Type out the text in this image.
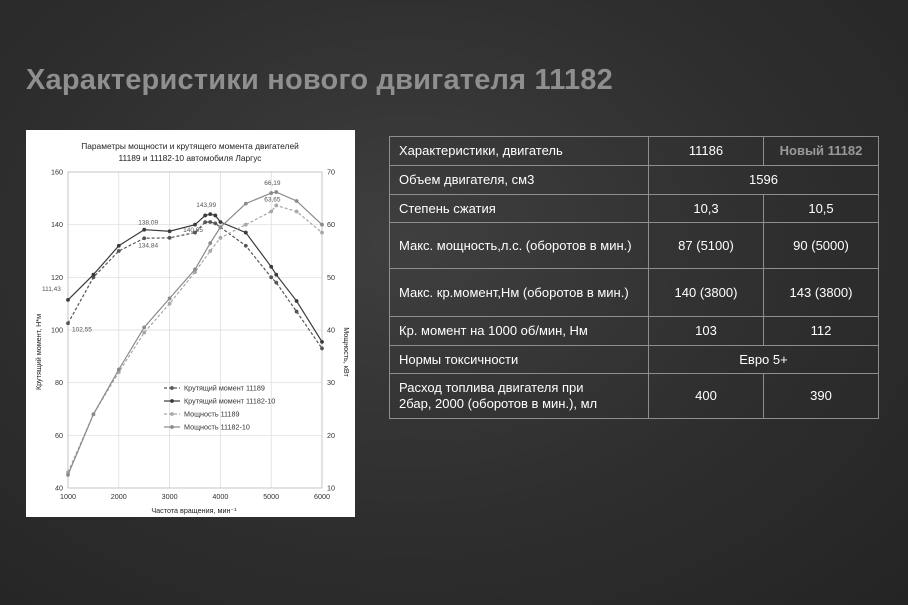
Характеристики нового двигателя 11182
Параметры мощности и крутящего момента двигателей
11189 и 11182-10 автомобиля Ларгус
40
60
80
100
120
140
160
10
20
30
40
50
60
70
1000	2000	3000	4000	5000	6000
111,43
102,55
138,09
134,84
143,99
140,95
66,19
63,65
Частота вращения, мин⁻¹
Крутящий момент, Н*м	Мощность, кВт
Крутящий момент 11189
Крутящий момент 11182-10
Мощность 11189
Мощность 11182-10
Характеристики, двигатель	11186	Новый 11182
Объем двигателя, см3	1596	
Степень сжатия	10,3	10,5
Макс. мощность,л.с. (оборотов в мин.)	87 (5100)	90 (5000)
Макс. кр.момент,Нм (оборотов в мин.)	140 (3800)	143 (3800)
Кр. момент на 1000 об/мин, Нм	103	112
Нормы токсичности	Евро 5+	
Расход топлива двигателя при
2бар, 2000 (оборотов в мин.), мл	400	390
